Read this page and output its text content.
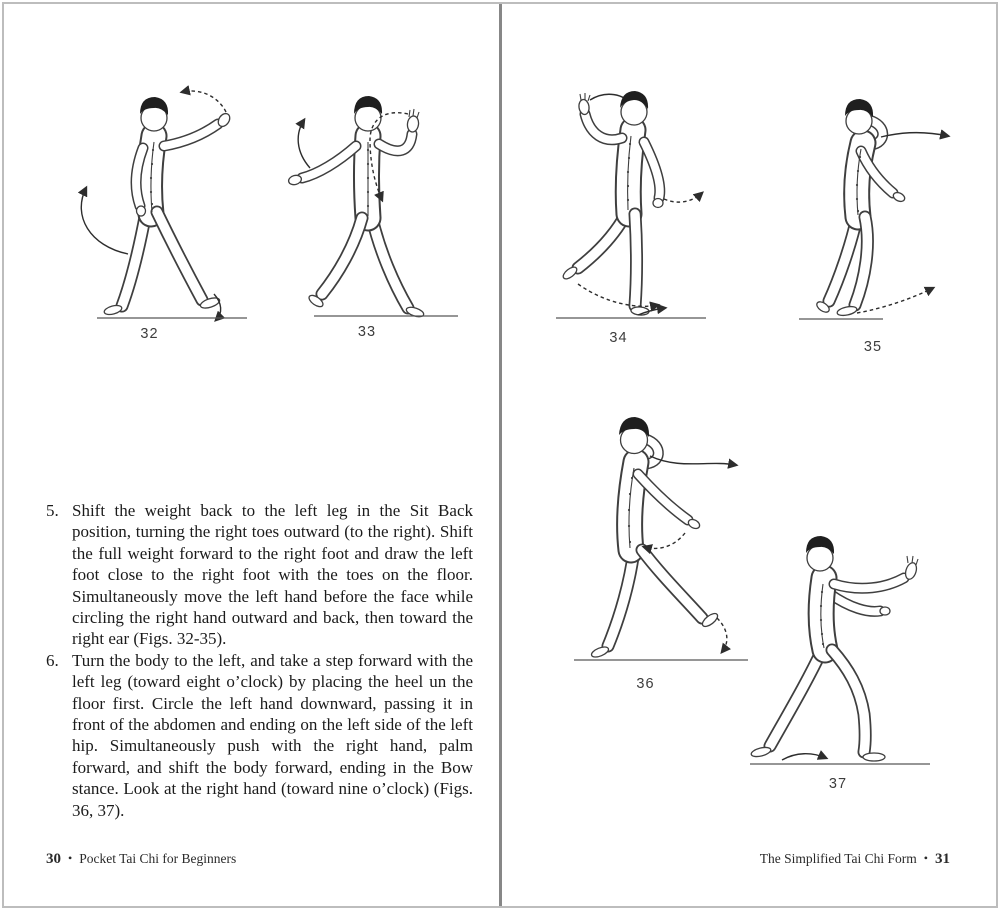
32	33
5. Shift the weight back to the left leg in the Sit Back position, turning the right toes outward (to the right). Shift the full weight forward to the right foot and draw the left foot close to the right foot with the toes on the floor. Simultaneously move the left hand before the face while circling the right hand outward and back, then toward the right ear (Figs. 32-35).
6. Turn the body to the left, and take a step forward with the left leg (toward eight o’clock) by placing the heel un the floor first. Circle the left hand downward, passing it in front of the abdomen and ending on the left side of the left hip. Simultaneously push with the right hand, palm forward, and shift the body forward, ending in the Bow stance. Look at the right hand (toward nine o’clock) (Figs. 36, 37).
30 • Pocket Tai Chi for Beginners
34
35
36
37
The Simplified Tai Chi Form • 31
